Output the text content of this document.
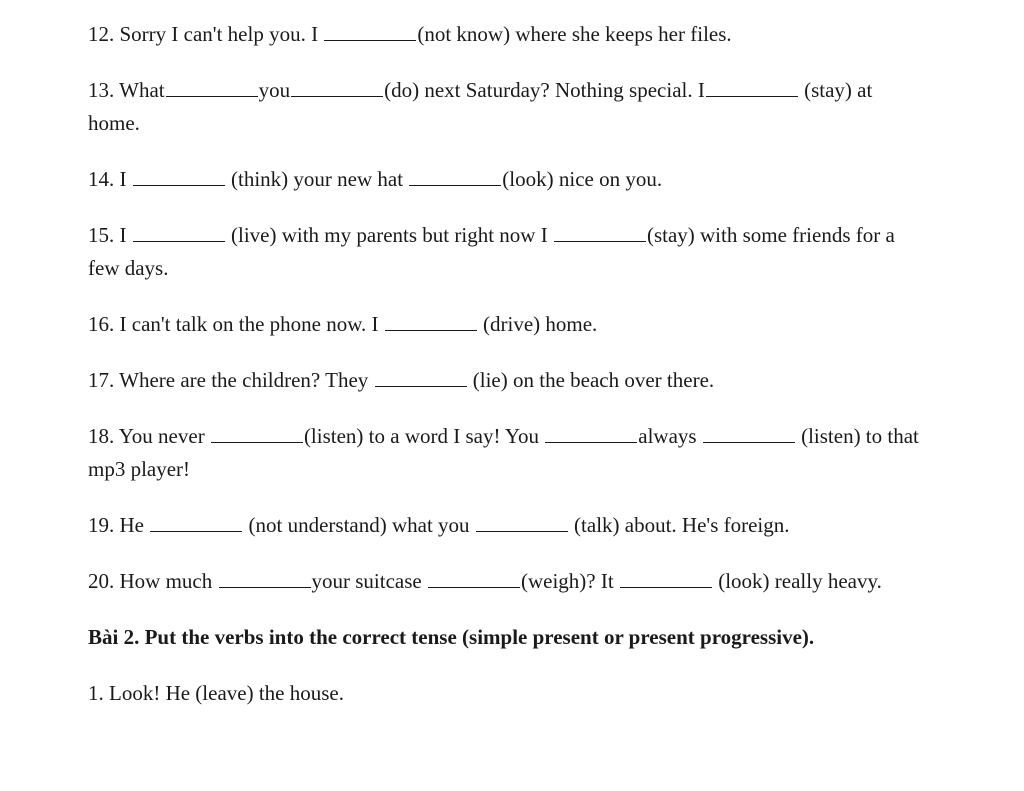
12. Sorry I can't help you. I	(not know) where she keeps her files.
13. What	you	(do) next Saturday? Nothing special. I	(stay) at home.
14. I	(think) your new hat	(look) nice on you.
15. I	(live) with my parents but right now I	(stay) with some friends for a few days.
16. I can't talk on the phone now. I	(drive) home.
17. Where are the children? They	(lie) on the beach over there.
18. You never	(listen) to a word I say! You	always	(listen) to that mp3 player!
19. He	(not understand) what you	(talk) about. He's foreign.
20. How much	your suitcase	(weigh)? It	(look) really heavy.
Bài 2. Put the verbs into the correct tense (simple present or present progressive).
1. Look! He (leave) the house.
